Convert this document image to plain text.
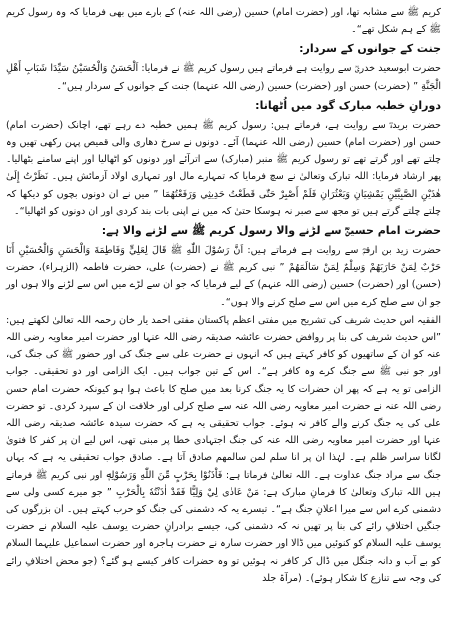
کریم ﷺ سے مشابہ تھا، اور (حضرت امام) حسین (رضی اللہ عنہ) کے بارے میں بھی فرمایا کہ وہ رسول کریم ﷺ کے ہم شکل تھے“۔

جنت کے جوانوں کے سردار:

حضرت ابوسعید خدریؓ سے روایت ہے فرماتے ہیں رسول کریم ﷺ نے فرمایا: اَلْحَسَنُ وَالْحُسَيْنُ سَيِّدَا شَبَابِ أَهْلِ الْجَنَّةِ ” (حضرت) حسن اور (حضرت) حسین (رضی اللہ عنہما) جنت کے جوانوں کے سردار ہیں“۔

دورانِ خطبہ مبارک گود میں اُٹھانا:

حضرت بریدہؓ سے روایت ہے، فرماتے ہیں: رسول کریم ﷺ ہمیں خطبہ دے رہے تھے، اچانک (حضرت امام) حسن اور (حضرت امام) حسین (رضی اللہ عنہما) آئے۔ دونوں نے سرخ دھاری والی قمیص پہن رکھی تھیں وہ چلتے تھے اور گرتے تھے تو رسول کریم ﷺ منبر (مبارک) سے اترآئے اور دونوں کو اٹھالیا اور اپنے سامنے بٹھالیا۔ پھر ارشاد فرمایا: اللہ تبارک وتعالیٰ نے سچ فرمایا کہ تمہارے مال اور تمہاری اولاد آزمائش ہیں۔ نَظَرْتُ إِلَىٰ هٰذَيْنِ الصَّبِيَّيْنِ يَمْشِيَانِ وَيَعْثُرَانِ فَلَمْ أَصْبِرْ حَتّٰى قَطَعْتُ حَدِيثِي وَرَفَعْتُهُمَا ” میں نے ان دونوں بچوں کو دیکھا کہ چلتے چلتے گرتے ہیں تو مجھ سے صبر نہ ہوسکا حتیٰ کہ میں نے اپنی بات بند کردی اور ان دونوں کو اٹھالیا“۔

حضرت امام حسینؓ سے لڑنے والا رسول کریم ﷺ سے لڑنے والا ہے:

حضرت زید بن ارقمؓ سے روایت ہے فرماتے ہیں: اَنَّ رَسُوْلَ اللّٰهِ ﷺ قَالَ لِعَلِيٍّ وَفَاطِمَةَ وَالْحَسَنِ وَالْحُسَيْنِ أَنَا حَرْبٌ لِمَنْ حَارَبَهُمْ وَسِلْمٌ لِمَنْ سَالَمَهُمْ ” نبی کریم ﷺ نے (حضرت) علی، حضرت فاطمہ (الزہراء)، حضرت (حسن) اور (حضرت) حسین (رضی اللہ عنہم) کے لیے فرمایا کہ جو ان سے لڑے میں اس سے لڑنے والا ہوں اور جو ان سے صلح کرے میں اس سے صلح کرنے والا ہوں“۔

الفقیہ اس حدیث شریف کی تشریح میں مفتی اعظم پاکستان مفتی احمد یار خان رحمہ اللہ تعالیٰ لکھتے ہیں: ”اس حدیث شریف کی بنا پر روافض حضرت عائشہ صدیقہ رضی اللہ عنہا اور حضرت امیر معاویہ رضی اللہ عنہ کو ان کے ساتھیوں کو کافر کہتے ہیں کہ انہوں نے حضرت علی سے جنگ کی اور حضور ﷺ کی جنگ کی، اور جو نبی ﷺ سے جنگ کرے وہ کافر ہے“۔ اس کے تین جواب ہیں۔ ایک الزامی اور دو تحقیقی۔ جواب الزامی تو یہ ہے کہ پھر ان حضرات کا یہ جنگ کرنا بعد میں صلح کا باعث ہوا ہو کیونکہ حضرت امام حسن رضی اللہ عنہ نے حضرت امیر معاویہ رضی اللہ عنہ سے صلح کرلی اور خلافت ان کے سپرد کردی۔ تو حضرت علی کی یہ جنگ کرنے والے کافر نہ ہوئے۔ جواب تحقیقی یہ ہے کہ حضرت سیدہ عائشہ صدیقہ رضی اللہ عنہا اور حضرت امیر معاویہ رضی اللہ عنہ کی جنگ اجتہادی خطا پر مبنی تھی، اس لیے ان پر کفر کا فتویٰ لگانا سراسر ظلم ہے۔ لہٰذا ان پر انا سلم لمن سالمھم صادق آتا ہے۔ صادق جواب تحقیقی یہ ہے کہ یہاں جنگ سے مراد جنگ عداوت ہے۔ اللہ تعالیٰ فرماتا ہے: فَاْذَنُوْا بِحَرْبٍ مِّنَ اللّٰهِ وَرَسُوْلِهٖ اور نبی کریم ﷺ فرماتے ہیں اللہ تبارک وتعالیٰ کا فرمانِ مبارک ہے: مَنْ عَادٰى لِيْ وَلِيًّا فَقَدْ اٰذَنْتُهٗ بِالْحَرْبِ ” جو میرے کسی ولی سے دشمنی کرے اس سے میرا اعلانِ جنگ ہے“۔ تیسرے یہ کہ دشمنی کی جنگ کو حرب کہتے ہیں۔ ان بزرگوں کی جنگیں اختلافِ رائے کی بنا پر تھیں نہ کہ دشمنی کی، جیسے برادرانِ حضرت یوسف علیہ السلام نے حضرت یوسف علیہ السلام کو کنوئیں میں ڈالا اور حضرت سارہ نے حضرت ہاجرہ اور حضرت اسماعیل علیہما السلام کو بے آب و دانہ جنگل میں ڈال کر کافر نہ ہوئیں تو وہ حضرات کافر کیسے ہو گئے؟ (جو محض اختلافِ رائے کی وجہ سے تنازع کا شکار ہوئے)۔ (مرآۃ جلد
